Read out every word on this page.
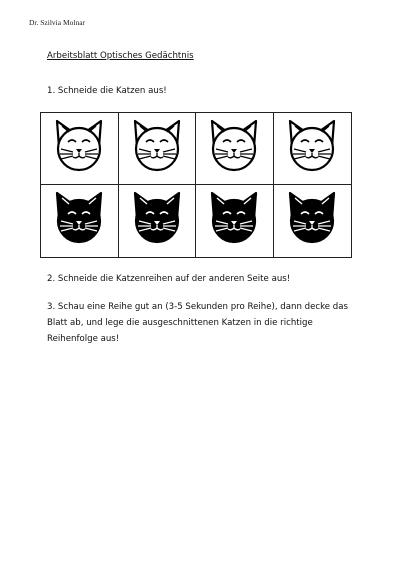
Dr. Szilvia Molnar
Arbeitsblatt Optisches Gedächtnis
1. Schneide die Katzen aus!
2. Schneide die Katzenreihen auf der anderen Seite aus!
3. Schau eine Reihe gut an (3-5 Sekunden pro Reihe), dann decke das Blatt ab, und lege die ausgeschnittenen Katzen in die richtige Reihenfolge aus!
